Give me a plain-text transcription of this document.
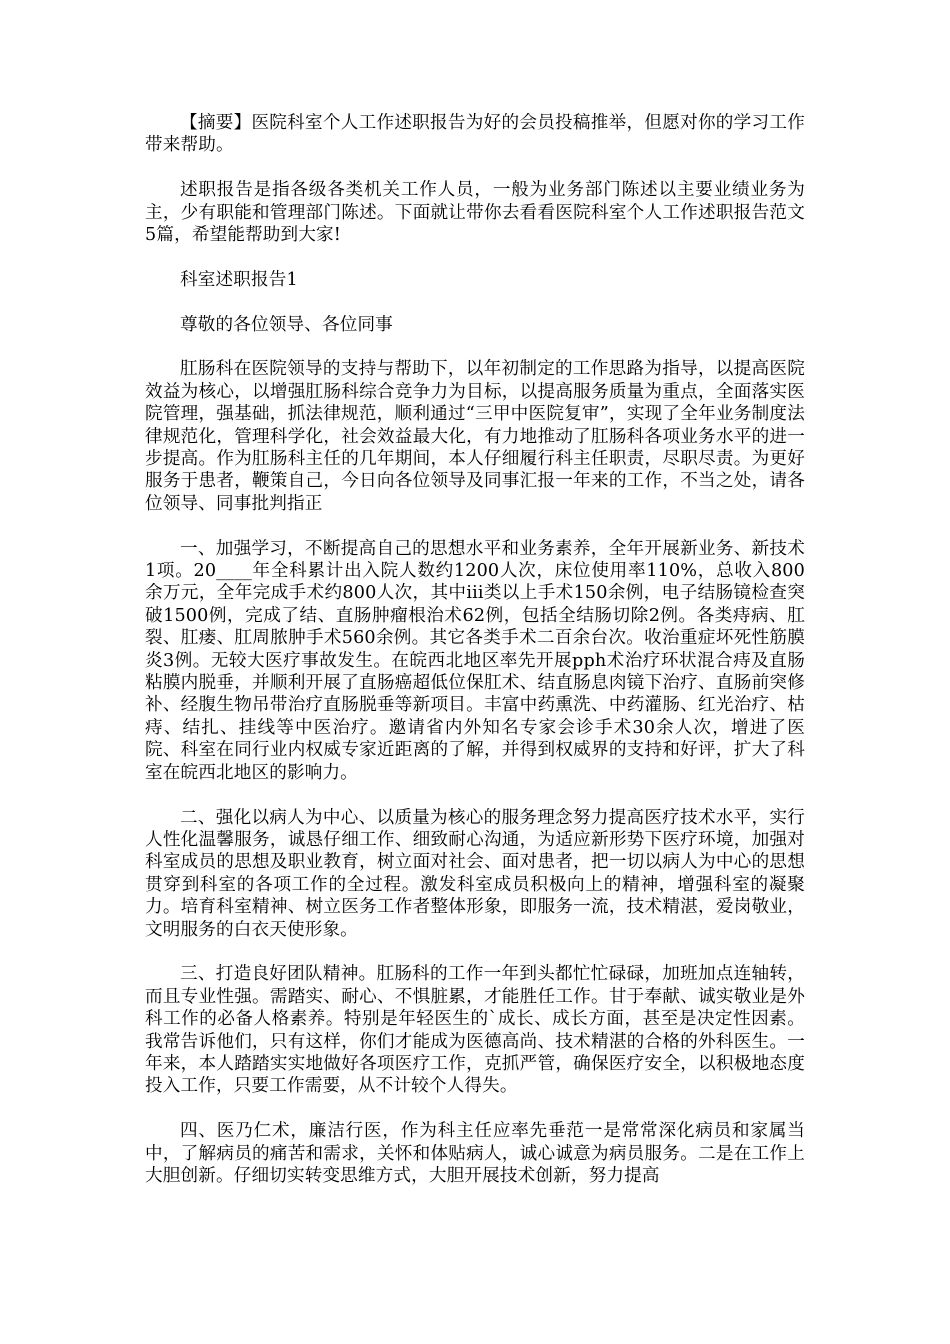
【摘要】医院科室个人工作述职报告为好的会员投稿推举，但愿对你的学习工作带来帮助。

述职报告是指各级各类机关工作人员，一般为业务部门陈述以主要业绩业务为主，少有职能和管理部门陈述。下面就让带你去看看医院科室个人工作述职报告范文5篇，希望能帮助到大家!

科室述职报告1

尊敬的各位领导、各位同事

肛肠科在医院领导的支持与帮助下，以年初制定的工作思路为指导，以提高医院效益为核心，以增强肛肠科综合竞争力为目标，以提高服务质量为重点，全面落实医院管理，强基础，抓法律规范，顺利通过“三甲中医院复审”，实现了全年业务制度法律规范化，管理科学化，社会效益最大化，有力地推动了肛肠科各项业务水平的进一步提高。作为肛肠科主任的几年期间，本人仔细履行科主任职责，尽职尽责。为更好服务于患者，鞭策自己，今日向各位领导及同事汇报一年来的工作，不当之处，请各位领导、同事批判指正

一、加强学习，不断提高自己的思想水平和业务素养，全年开展新业务、新技术1项。20____年全科累计出入院人数约1200人次，床位使用率110%，总收入800余万元，全年完成手术约800人次，其中iii类以上手术150余例，电子结肠镜检查突破1500例，完成了结、直肠肿瘤根治术62例，包括全结肠切除2例。各类痔病、肛裂、肛瘘、肛周脓肿手术560余例。其它各类手术二百余台次。收治重症坏死性筋膜炎3例。无较大医疗事故发生。在皖西北地区率先开展pph术治疗环状混合痔及直肠粘膜内脱垂，并顺利开展了直肠癌超低位保肛术、结直肠息肉镜下治疗、直肠前突修补、经腹生物吊带治疗直肠脱垂等新项目。丰富中药熏洗、中药灌肠、红光治疗、枯痔、结扎、挂线等中医治疗。邀请省内外知名专家会诊手术30余人次，增进了医院、科室在同行业内权威专家近距离的了解，并得到权威界的支持和好评，扩大了科室在皖西北地区的影响力。

二、强化以病人为中心、以质量为核心的服务理念努力提高医疗技术水平，实行人性化温馨服务，诚恳仔细工作、细致耐心沟通，为适应新形势下医疗环境，加强对科室成员的思想及职业教育，树立面对社会、面对患者，把一切以病人为中心的思想贯穿到科室的各项工作的全过程。激发科室成员积极向上的精神，增强科室的凝聚力。培育科室精神、树立医务工作者整体形象，即服务一流，技术精湛，爱岗敬业，文明服务的白衣天使形象。

三、打造良好团队精神。肛肠科的工作一年到头都忙忙碌碌，加班加点连轴转，而且专业性强。需踏实、耐心、不惧脏累，才能胜任工作。甘于奉献、诚实敬业是外科工作的必备人格素养。特别是年轻医生的`成长、成长方面，甚至是决定性因素。我常告诉他们，只有这样，你们才能成为医德高尚、技术精湛的合格的外科医生。一年来，本人踏踏实实地做好各项医疗工作，克抓严管，确保医疗安全，以积极地态度投入工作，只要工作需要，从不计较个人得失。

四、医乃仁术，廉洁行医，作为科主任应率先垂范一是常常深化病员和家属当中，了解病员的痛苦和需求，关怀和体贴病人，诚心诚意为病员服务。二是在工作上大胆创新。仔细切实转变思维方式，大胆开展技术创新，努力提高
